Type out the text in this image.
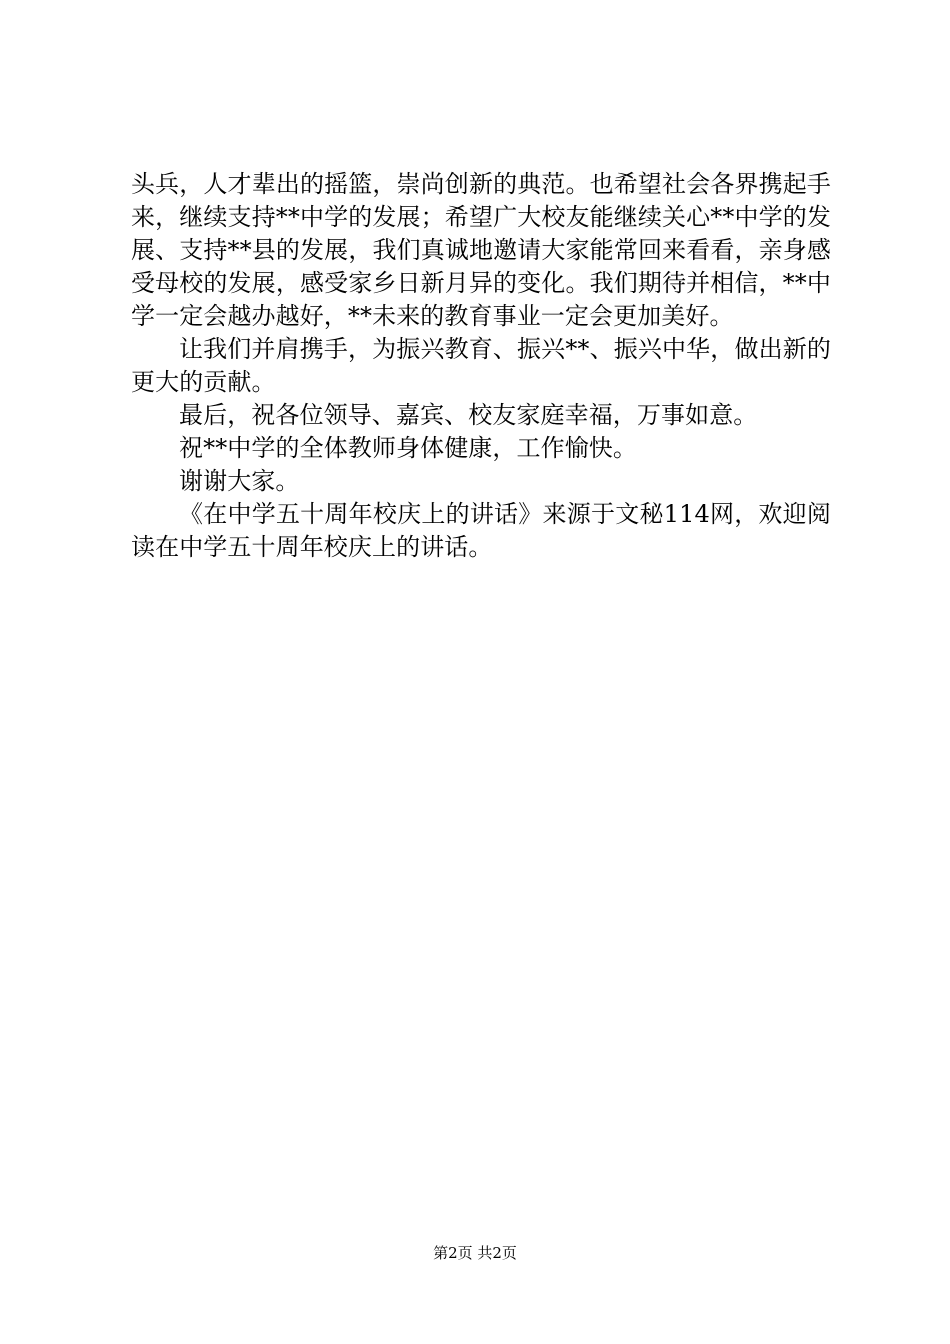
头兵，人才辈出的摇篮，崇尚创新的典范。也希望社会各界携起手来，继续支持**中学的发展；希望广大校友能继续关心**中学的发展、支持**县的发展，我们真诚地邀请大家能常回来看看，亲身感受母校的发展，感受家乡日新月异的变化。我们期待并相信，**中学一定会越办越好，**未来的教育事业一定会更加美好。

让我们并肩携手，为振兴教育、振兴**、振兴中华，做出新的更大的贡献。

最后，祝各位领导、嘉宾、校友家庭幸福，万事如意。

祝**中学的全体教师身体健康，工作愉快。

谢谢大家。

《在中学五十周年校庆上的讲话》来源于文秘114网，欢迎阅读在中学五十周年校庆上的讲话。

第2页 共2页
